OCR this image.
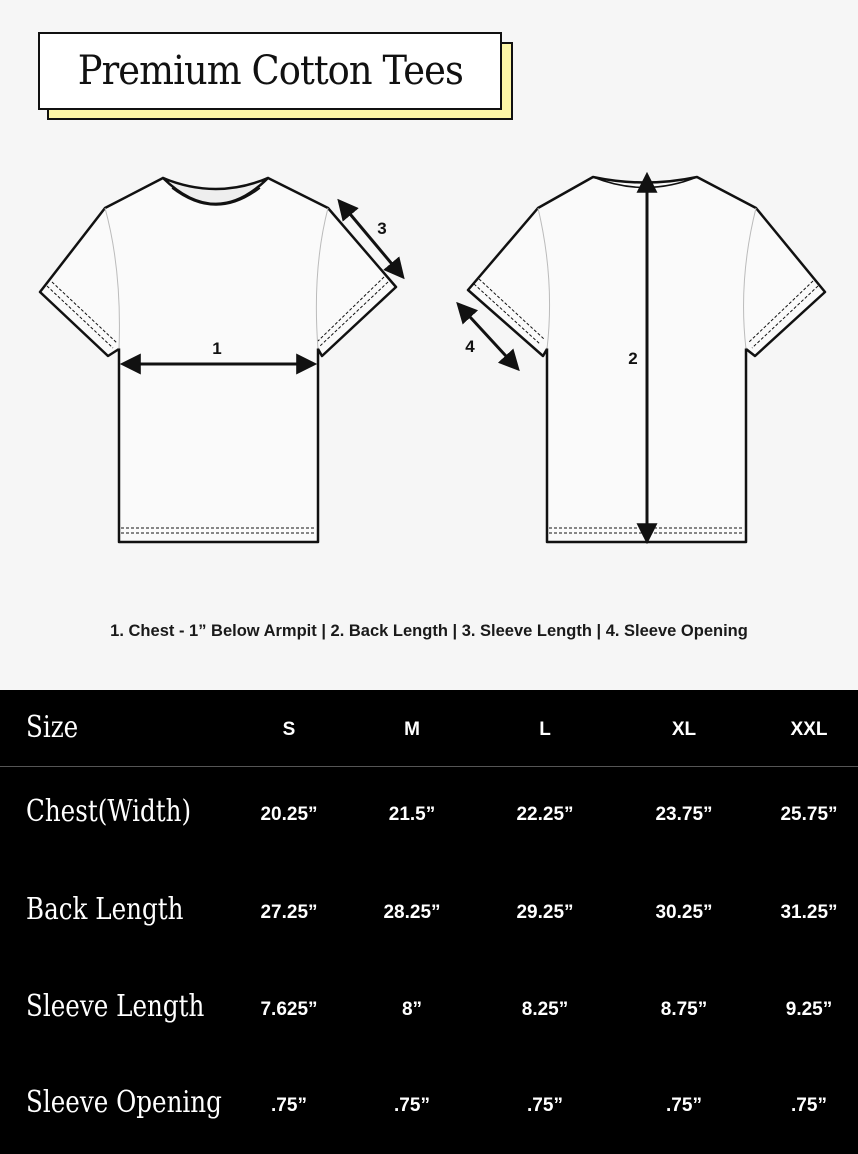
Premium Cotton Tees
1
3
2
4
1. Chest - 1” Below Armpit | 2. Back Length | 3. Sleeve Length | 4. Sleeve Opening
Size	S	M	L	XL	XXL
Chest(Width)	20.25”	21.5”	22.25”	23.75”	25.75”
Back Length	27.25”	28.25”	29.25”	30.25”	31.25”
Sleeve Length	7.625”	8”	8.25”	8.75”	9.25”
Sleeve Opening	.75”	.75”	.75”	.75”	.75”
